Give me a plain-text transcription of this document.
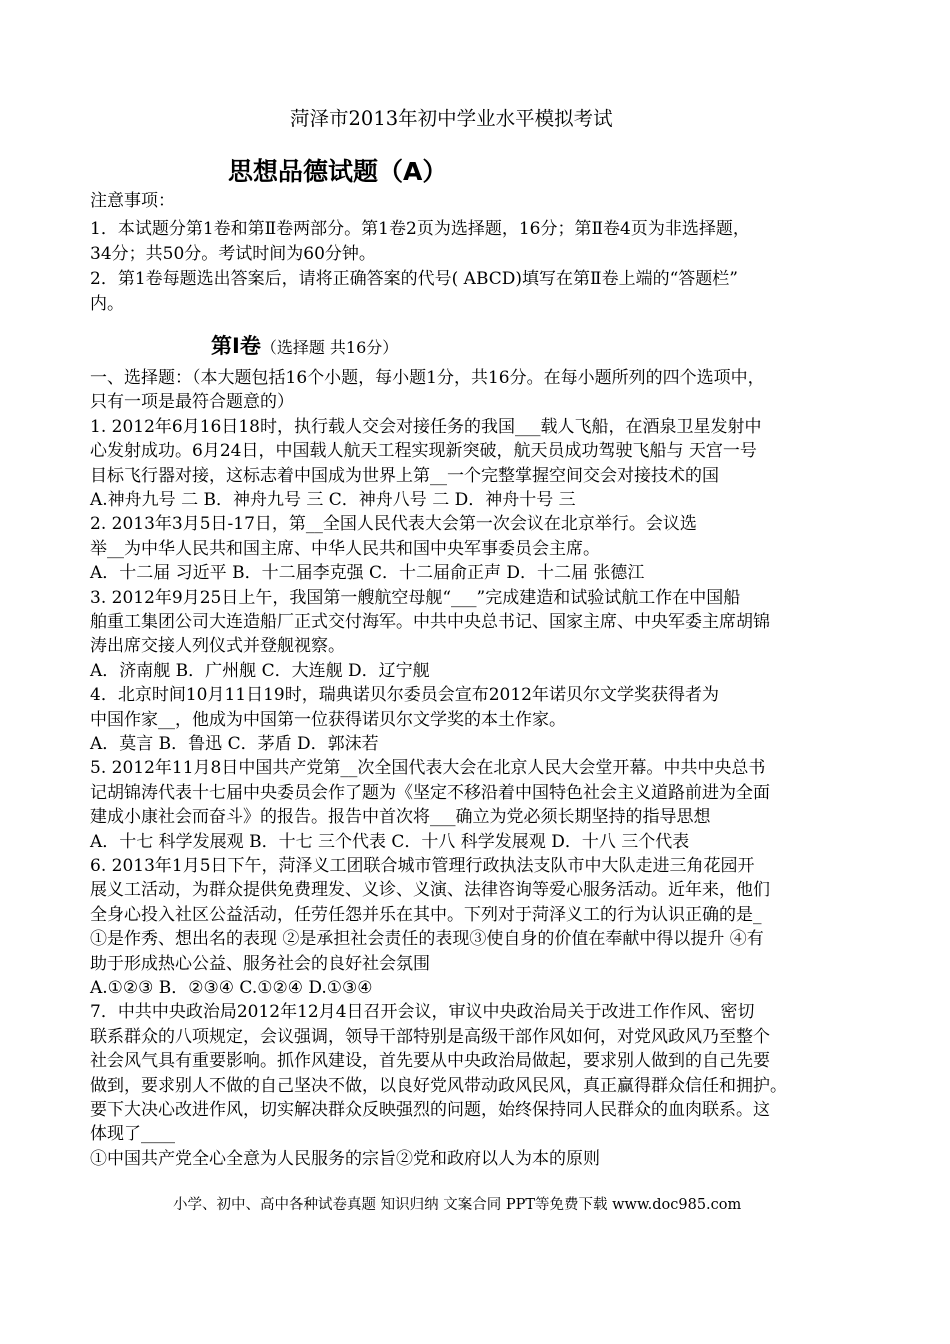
菏泽市2013年初中学业水平模拟考试
思想品德试题（A）
注意事项：
1．本试题分第1卷和第Ⅱ卷两部分。第1卷2页为选择题，16分；第Ⅱ卷4页为非选择题，
34分；共50分。考试时间为60分钟。
2．第1卷每题选出答案后，请将正确答案的代号( ABCD)填写在第Ⅱ卷上端的“答题栏”
内。
第Ⅰ卷（选择题 共16分）
一、选择题：（本大题包括16个小题，每小题1分，共16分。在每小题所列的四个选项中，
只有一项是最符合题意的）
1. 2012年6月16日18时，执行载人交会对接任务的我国___载人飞船，在酒泉卫星发射中
心发射成功。6月24日，中国载人航天工程实现新突破，航天员成功驾驶飞船与 天宫一号
目标飞行器对接，这标志着中国成为世界上第__一个完整掌握空间交会对接技术的国
A.神舟九号 二 B．神舟九号 三 C．神舟八号 二 D．神舟十号 三
2. 2013年3月5日-17日，第__全国人民代表大会第一次会议在北京举行。会议选
举__为中华人民共和国主席、中华人民共和国中央军事委员会主席。
A．十二届 习近平 B．十二届李克强 C．十二届俞正声 D．十二届 张德江
3. 2012年9月25日上午，我国第一艘航空母舰“___”完成建造和试验试航工作在中国船
舶重工集团公司大连造船厂正式交付海军。中共中央总书记、国家主席、中央军委主席胡锦
涛出席交接人列仪式并登舰视察。
A．济南舰 B．广州舰 C．大连舰 D．辽宁舰
4．北京时间10月11日19时，瑞典诺贝尔委员会宣布2012年诺贝尔文学奖获得者为
中国作家__，他成为中国第一位获得诺贝尔文学奖的本土作家。
A．莫言 B．鲁迅 C．茅盾 D．郭沫若
5. 2012年11月8日中国共产党第__次全国代表大会在北京人民大会堂开幕。中共中央总书
记胡锦涛代表十七届中央委员会作了题为《坚定不移沿着中国特色社会主义道路前进为全面
建成小康社会而奋斗》的报告。报告中首次将___确立为党必须长期坚持的指导思想
A．十七 科学发展观 B．十七 三个代表 C．十八 科学发展观 D．十八 三个代表
6. 2013年1月5日下午，菏泽义工团联合城市管理行政执法支队市中大队走进三角花园开
展义工活动，为群众提供免费理发、义诊、义演、法律咨询等爱心服务活动。近年来，他们
全身心投入社区公益活动，任劳任怨并乐在其中。下列对于菏泽义工的行为认识正确的是_
①是作秀、想出名的表现 ②是承担社会责任的表现③使自身的价值在奉献中得以提升 ④有
助于形成热心公益、服务社会的良好社会氛围
A.①②③ B．②③④ C.①②④ D.①③④
7．中共中央政治局2012年12月4日召开会议，审议中央政治局关于改进工作作风、密切
联系群众的八项规定，会议强调，领导干部特别是高级干部作风如何，对党风政风乃至整个
社会风气具有重要影响。抓作风建设，首先要从中央政治局做起，要求别人做到的自己先要
做到，要求别人不做的自己坚决不做，以良好党风带动政风民风，真正赢得群众信任和拥护。
要下大决心改进作风，切实解决群众反映强烈的问题，始终保持同人民群众的血肉联系。这
体现了____
①中国共产党全心全意为人民服务的宗旨②党和政府以人为本的原则
小学、初中、高中各种试卷真题 知识归纳 文案合同 PPT等免费下载 www.doc985.com
